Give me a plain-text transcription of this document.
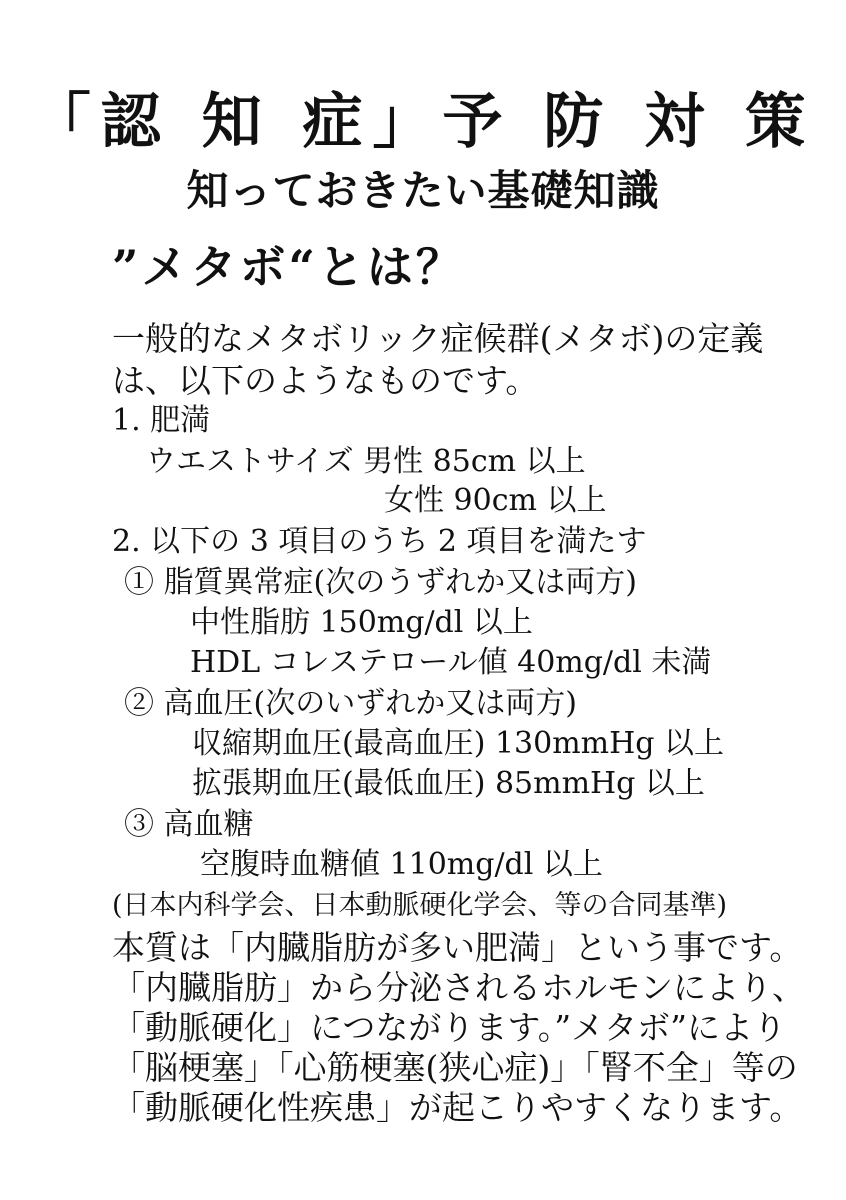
「認 知 症」予 防 対 策
知っておきたい基礎知識
”メタボ“とは？
一般的なメタボリック症候群(メタボ)の定義
は、以下のようなものです。
1. 肥満
ウエストサイズ 男性 85cm 以上
女性 90cm 以上
2. 以下の 3 項目のうち 2 項目を満たす
① 脂質異常症(次のうずれか又は両方)
中性脂肪 150mg/dl 以上
HDL コレステロール値 40mg/dl 未満
② 高血圧(次のいずれか又は両方)
収縮期血圧(最高血圧) 130mmHg 以上
拡張期血圧(最低血圧) 85mmHg 以上
③ 高血糖
空腹時血糖値 110mg/dl 以上
(日本内科学会、日本動脈硬化学会、等の合同基準)
本質は「内臓脂肪が多い肥満」という事です。
「内臓脂肪」から分泌されるホルモンにより、
「動脈硬化」につながります。”メタボ”により
「脳梗塞」「心筋梗塞(狭心症)」「腎不全」等の
「動脈硬化性疾患」が起こりやすくなります。
